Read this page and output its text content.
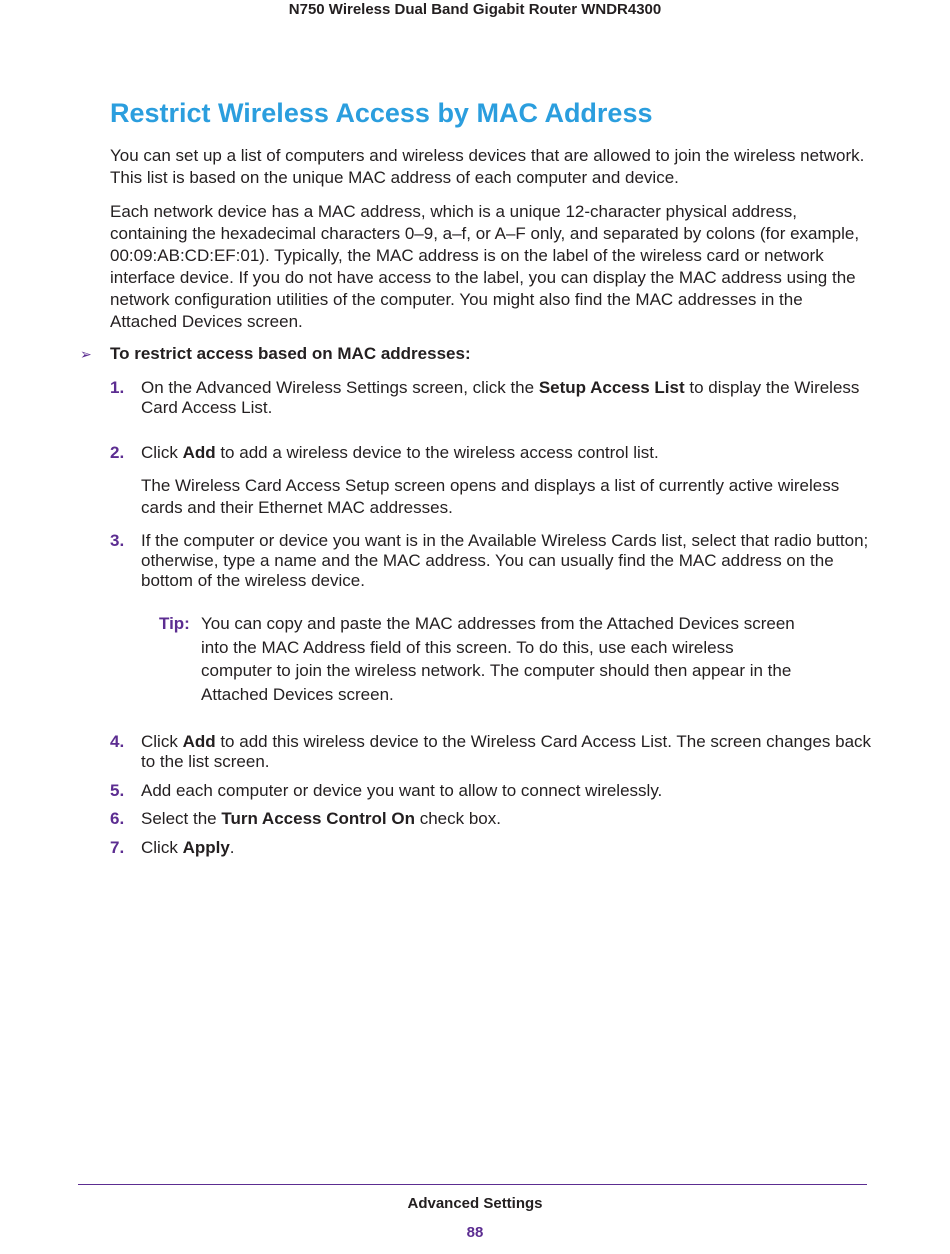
N750 Wireless Dual Band Gigabit Router WNDR4300
Restrict Wireless Access by MAC Address

You can set up a list of computers and wireless devices that are allowed to join the wireless network. This list is based on the unique MAC address of each computer and device.

Each network device has a MAC address, which is a unique 12-character physical address, containing the hexadecimal characters 0–9, a–f, or A–F only, and separated by colons (for example, 00:09:AB:CD:EF:01). Typically, the MAC address is on the label of the wireless card or network interface device. If you do not have access to the label, you can display the MAC address using the network configuration utilities of the computer. You might also find the MAC addresses in the Attached Devices screen.

➢ To restrict access based on MAC addresses:
1. On the Advanced Wireless Settings screen, click the Setup Access List to display the Wireless Card Access List.
2. Click Add to add a wireless device to the wireless access control list.

The Wireless Card Access Setup screen opens and displays a list of currently active wireless cards and their Ethernet MAC addresses.

3. If the computer or device you want is in the Available Wireless Cards list, select that radio button; otherwise, type a name and the MAC address. You can usually find the MAC address on the bottom of the wireless device.
Tip: You can copy and paste the MAC addresses from the Attached Devices screen into the MAC Address field of this screen. To do this, use each wireless computer to join the wireless network. The computer should then appear in the Attached Devices screen.
4. Click Add to add this wireless device to the Wireless Card Access List. The screen changes back to the list screen.
5. Add each computer or device you want to allow to connect wirelessly.
6. Select the Turn Access Control On check box.
7. Click Apply.
Advanced Settings
88
